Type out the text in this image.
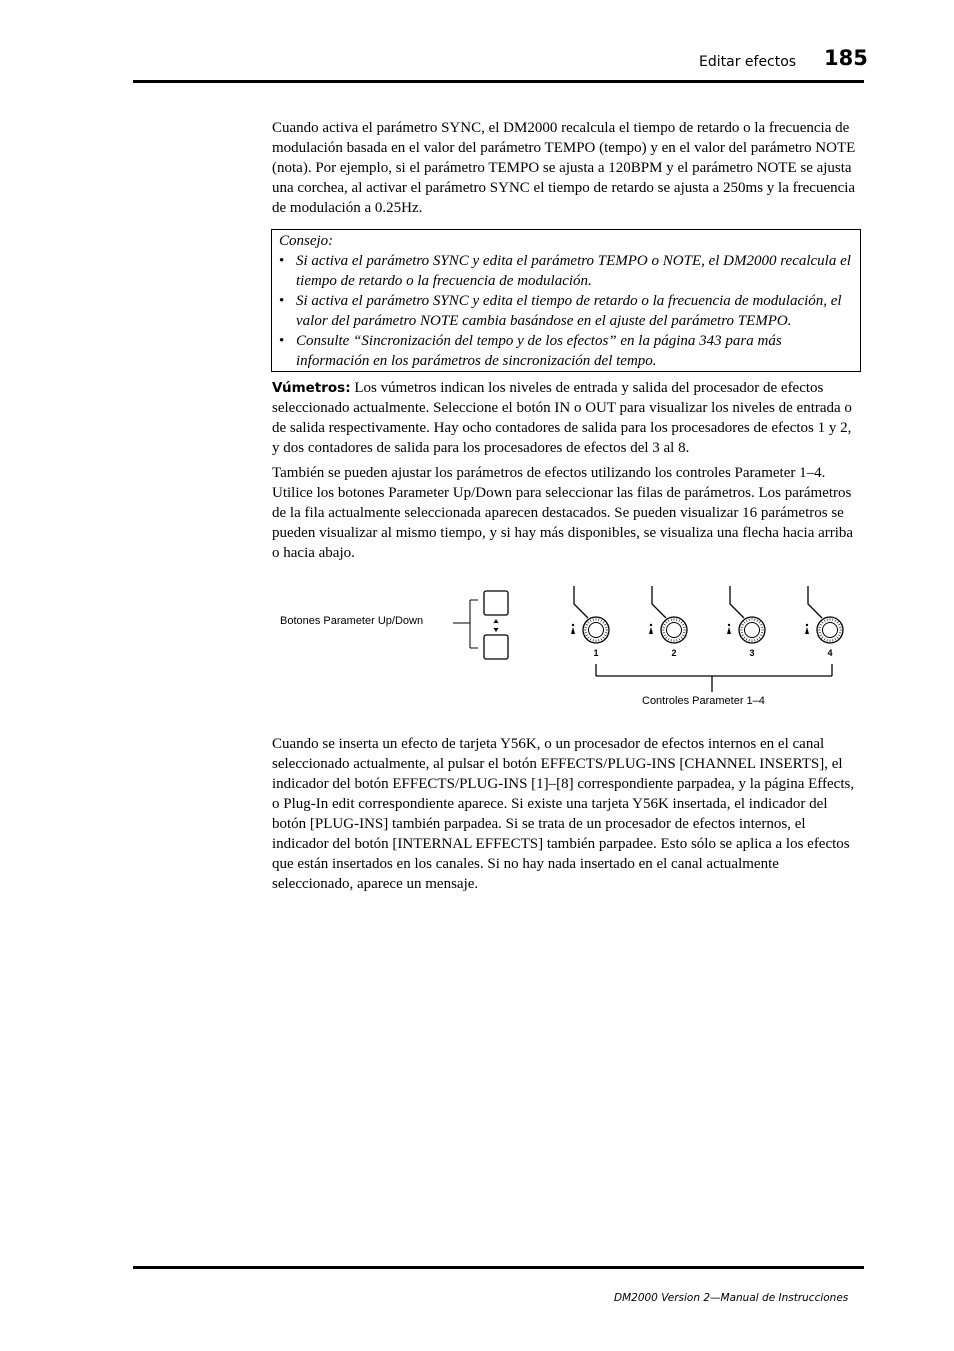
Editar efectos 185

Cuando activa el parámetro SYNC, el DM2000 recalcula el tiempo de retardo o la frecuencia de modulación basada en el valor del parámetro TEMPO (tempo) y en el valor del parámetro NOTE (nota). Por ejemplo, si el parámetro TEMPO se ajusta a 120BPM y el parámetro NOTE se ajusta una corchea, al activar el parámetro SYNC el tiempo de retardo se ajusta a 250ms y la frecuencia de modulación a 0.25Hz.

Consejo:
• Si activa el parámetro SYNC y edita el parámetro TEMPO o NOTE, el DM2000 recalcula el tiempo de retardo o la frecuencia de modulación.
• Si activa el parámetro SYNC y edita el tiempo de retardo o la frecuencia de modulación, el valor del parámetro NOTE cambia basándose en el ajuste del parámetro TEMPO.
• Consulte “Sincronización del tempo y de los efectos” en la página 343 para más información en los parámetros de sincronización del tempo.

Vúmetros: Los vúmetros indican los niveles de entrada y salida del procesador de efectos seleccionado actualmente. Seleccione el botón IN o OUT para visualizar los niveles de entrada o de salida respectivamente. Hay ocho contadores de salida para los procesadores de efectos 1 y 2, y dos contadores de salida para los procesadores de efectos del 3 al 8.

También se pueden ajustar los parámetros de efectos utilizando los controles Parameter 1–4. Utilice los botones Parameter Up/Down para seleccionar las filas de parámetros. Los parámetros de la fila actualmente seleccionada aparecen destacados. Se pueden visualizar 16 parámetros se pueden visualizar al mismo tiempo, y si hay más disponibles, se visualiza una flecha hacia arriba o hacia abajo.

Botones Parameter Up/Down
Controles Parameter 1–4
1	2	3	4

Cuando se inserta un efecto de tarjeta Y56K, o un procesador de efectos internos en el canal seleccionado actualmente, al pulsar el botón EFFECTS/PLUG-INS [CHANNEL INSERTS], el indicador del botón EFFECTS/PLUG-INS [1]–[8] correspondiente parpadea, y la página Effects, o Plug-In edit correspondiente aparece. Si existe una tarjeta Y56K insertada, el indicador del botón [PLUG-INS] también parpadea. Si se trata de un procesador de efectos internos, el indicador del botón [INTERNAL EFFECTS] también parpadee. Esto sólo se aplica a los efectos que están insertados en los canales. Si no hay nada insertado en el canal actualmente seleccionado, aparece un mensaje.

DM2000 Version 2—Manual de Instrucciones
